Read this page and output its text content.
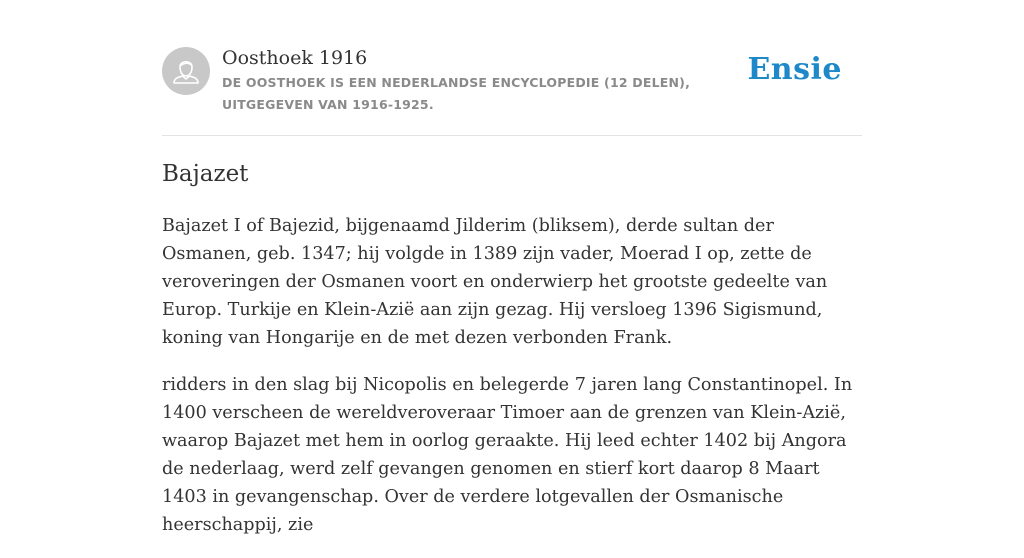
Oosthoek 1916
DE OOSTHOEK IS EEN NEDERLANDSE ENCYCLOPEDIE (12 DELEN), UITGEGEVEN VAN 1916-1925.
Ensie
Bajazet

Bajazet I of Bajezid, bijgenaamd Jilderim (bliksem), derde sultan der Osmanen, geb. 1347; hij volgde in 1389 zijn vader, Moerad I op, zette de veroveringen der Osmanen voort en onderwierp het grootste gedeelte van Europ. Turkije en Klein-Azië aan zijn gezag. Hij versloeg 1396 Sigismund, koning van Hongarije en de met dezen verbonden Frank.

ridders in den slag bij Nicopolis en belegerde 7 jaren lang Constantinopel. In 1400 verscheen de wereldveroveraar Timoer aan de grenzen van Klein-Azië, waarop Bajazet met hem in oorlog geraakte. Hij leed echter 1402 bij Angora de nederlaag, werd zelf gevangen genomen en stierf kort daarop 8 Maart 1403 in gevangenschap. Over de verdere lotgevallen der Osmanische heerschappij, zie
